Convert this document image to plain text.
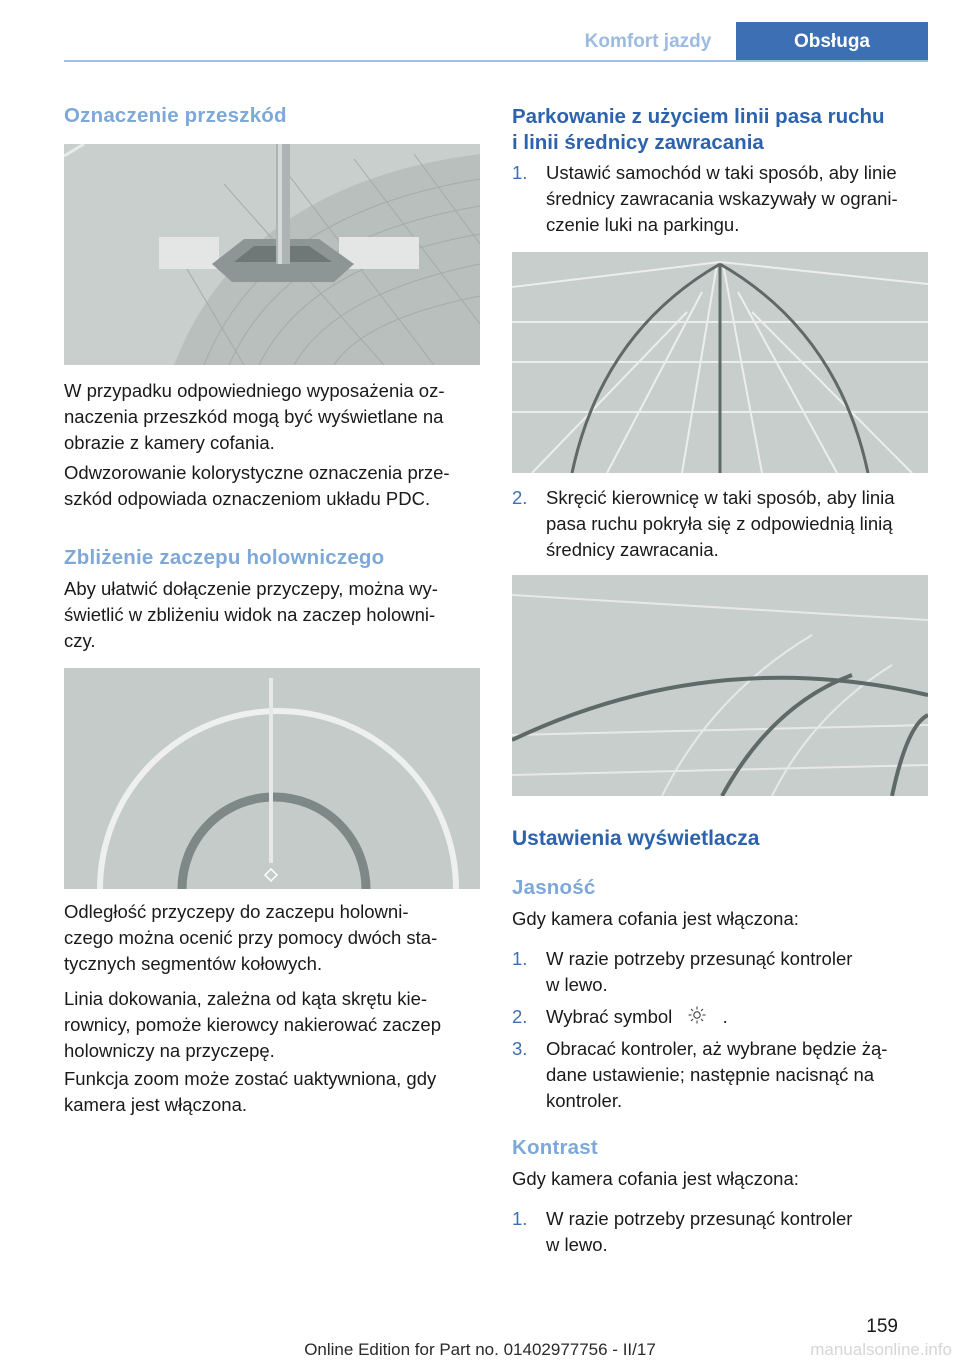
Komfort jazdy	Obsługa

Oznaczenie przeszkód

W przypadku odpowiedniego wyposażenia oz-
naczenia przeszkód mogą być wyświetlane na
obrazie z kamery cofania.
Odwzorowanie kolorystyczne oznaczenia prze-
szkód odpowiada oznaczeniom układu PDC.

Zbliżenie zaczepu holowniczego

Aby ułatwić dołączenie przyczepy, można wy-
świetlić w zbliżeniu widok na zaczep holowni-
czy.
Odległość przyczepy do zaczepu holowni-
czego można ocenić przy pomocy dwóch sta-
tycznych segmentów kołowych.
Linia dokowania, zależna od kąta skrętu kie-
rownicy, pomoże kierowcy nakierować zaczep
holowniczy na przyczepę.
Funkcja zoom może zostać uaktywniona, gdy
kamera jest włączona.
Parkowanie z użyciem linii pasa ruchu
i linii średnicy zawracania
1. Ustawić samochód w taki sposób, aby linie
średnicy zawracania wskazywały w ograni-
czenie luki na parkingu.
2. Skręcić kierownicę w taki sposób, aby linia
pasa ruchu pokryła się z odpowiednią linią
średnicy zawracania.

Ustawienia wyświetlacza

Jasność

Gdy kamera cofania jest włączona:
1. W razie potrzeby przesunąć kontroler
w lewo.
2. Wybrać symbol	.
3. Obracać kontroler, aż wybrane będzie żą-
dane ustawienie; następnie nacisnąć na
kontroler.

Kontrast

Gdy kamera cofania jest włączona:
1. W razie potrzeby przesunąć kontroler
w lewo.
159
Online Edition for Part no. 01402977756 - II/17	manualsonline.info
